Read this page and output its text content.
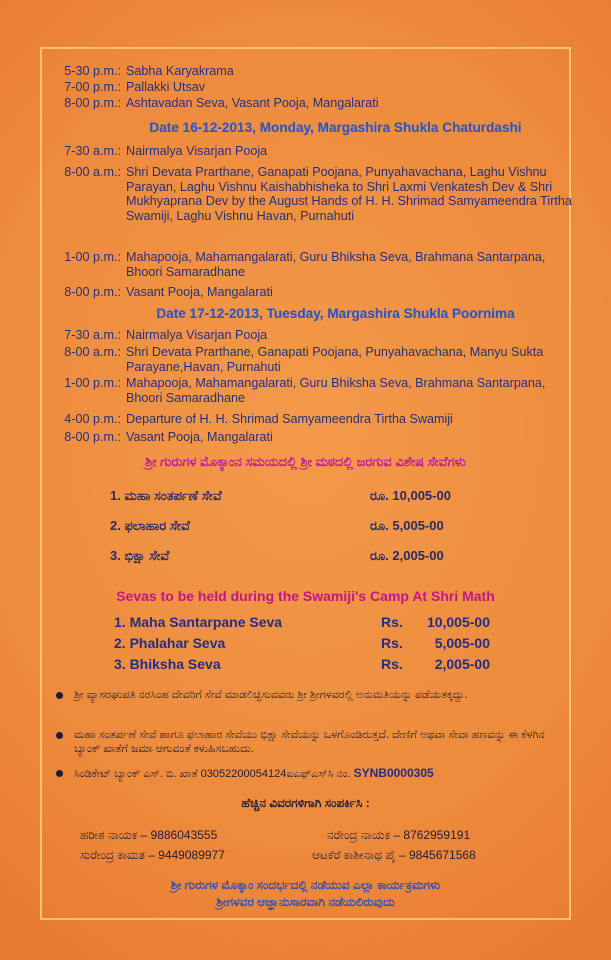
5-30 p.m.: Sabha Karyakrama
7-00 p.m.: Pallakki Utsav
8-00 p.m.: Ashtavadan Seva, Vasant Pooja, Mangalarati
Date 16-12-2013, Monday, Margashira Shukla Chaturdashi
7-30 a.m.: Nairmalya Visarjan Pooja
8-00 a.m.: Shri Devata Prarthane, Ganapati Poojana, Punyahavachana, Laghu Vishnu Parayan, Laghu Vishnu Kaishabhisheka to Shri Laxmi Venkatesh Dev & Shri Mukhyaprana Dev by the August Hands of H. H. Shrimad Samyameendra Tirtha Swamiji, Laghu Vishnu Havan, Purnahuti
1-00 p.m.: Mahapooja, Mahamangalarati, Guru Bhiksha Seva, Brahmana Santarpana, Bhoori Samaradhane
8-00 p.m.: Vasant Pooja, Mangalarati
Date 17-12-2013, Tuesday, Margashira Shukla Poornima
7-30 a.m.: Nairmalya Visarjan Pooja
8-00 a.m.: Shri Devata Prarthane, Ganapati Poojana, Punyahavachana, Manyu Sukta Parayane,Havan, Purnahuti
1-00 p.m.: Mahapooja, Mahamangalarati, Guru Bhiksha Seva, Brahmana Santarpana, Bhoori Samaradhane
4-00 p.m.: Departure of H. H. Shrimad Samyameendra Tirtha Swamiji
8-00 p.m.: Vasant Pooja, Mangalarati
ಶ್ರೀ ಗುರುಗಳ ಮೊಕ್ಕಾಂನ ಸಮಯದಲ್ಲಿ ಶ್ರೀ ಮಠದಲ್ಲಿ ಜರಗುವ ವಿಶೇಷ ಸೇವೆಗಳು
1. ಮಹಾ ಸಂತರ್ಪಣೆ ಸೇವೆ	ರೂ. 10,005-00
2. ಫಲಾಹಾರ ಸೇವೆ	ರೂ. 5,005-00
3. ಭಿಕ್ಷಾ ಸೇವೆ	ರೂ. 2,005-00
Sevas to be held during the Swamiji's Camp At Shri Math
1. Maha Santarpane Seva	Rs.	10,005-00
2. Phalahar Seva	Rs.	5,005-00
3. Bhiksha Seva	Rs.	2,005-00
ಶ್ರೀ ವ್ಯಾಸರಘುಪತಿ ನರಸಿಂಹ ದೇವರಿಗೆ ಸೇವೆ ಮಾಡಲಿಚ್ಛಿಸುವವರು ಶ್ರೀ ಶ್ರೀಗಳವರಲ್ಲಿ ಅನುಮತಿಯನ್ನು ಪಡೆಯತಕ್ಕದ್ದು.
ಮಹಾ ಸಂತರ್ಪಣೆ ಸೇವೆ ಹಾಗೂ ಫಲಾಹಾರ ಸೇವೆಯು ಭಿಕ್ಷಾ ಸೇವೆಯನ್ನು ಒಳಗೊಂಡಿರುತ್ತದೆ. ದೇಣಿಗೆ ಅಥವಾ ಸೇವಾ ಹಣವನ್ನು ಈ ಕೆಳಗಿನ ಬ್ಯಾಂಕ್ ಖಾತೆಗೆ ಜಮಾ ಆಗುವಂತೆ ಕಳುಹಿಸಬಹುದು.
ಸಿಂಡಿಕೇಟ್ ಬ್ಯಾಂಕ್ ಎಸ್. ಬಿ. ಖಾತೆ 03052200054124ಐಎಫ್‌ಎಸ್‌ಸಿ ನಂ. SYNB0000305
ಹೆಚ್ಚಿನ ವಿವರಗಳಿಗಾಗಿ ಸಂಪರ್ಕಿಸಿ :
ಹರೀಶ ನಾಯಕ – 9886043555	ನರೇಂದ್ರ ನಾಯಕ – 8762959191
ಸುರೇಂದ್ರ ಕಾಮತ – 9449089977	ಆಟಕೆರೆ ಕಾಶೀನಾಥ ಪೈ – 9845671568
ಶ್ರೀ ಗುರುಗಳ ಮೊಕ್ಕಾಂ ಸಂದರ್ಭದಲ್ಲಿ ನಡೆಯುವ ಎಲ್ಲಾ ಕಾರ್ಯಕ್ರಮಗಳು
ಶ್ರೀಗಳವರ ಆಜ್ಞಾನುಸಾರವಾಗಿ ನಡೆಯಲಿರುವುದು
